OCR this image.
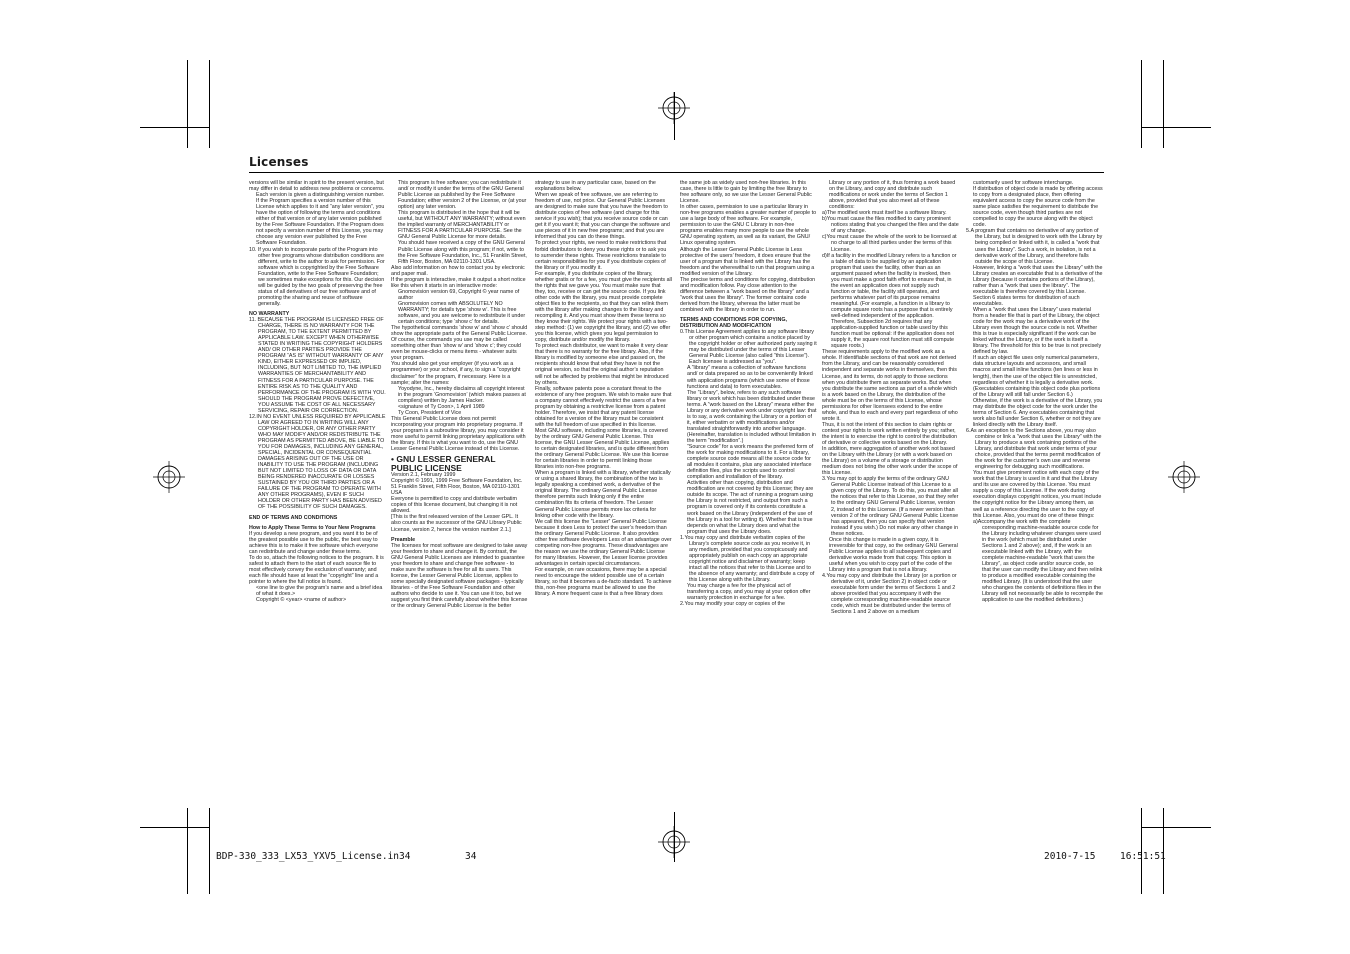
Licenses

versions will be similar in spirit to the present version, but may differ in detail to address new problems or concerns.

Each version is given a distinguishing version number. If the Program specifies a version number of this License which applies to it and “any later version”, you have the option of following the terms and conditions either of that version or of any later version published by the Free Software Foundation. If the Program does not specify a version number of this License, you may choose any version ever published by the Free Software Foundation.

10. If you wish to incorporate parts of the Program into other free programs whose distribution conditions are different, write to the author to ask for permission. For software which is copyrighted by the Free Software Foundation, write to the Free Software Foundation; we sometimes make exceptions for this. Our decision will be guided by the two goals of preserving the free status of all derivatives of our free software and of promoting the sharing and reuse of software generally.

NO WARRANTY

11. BECAUSE THE PROGRAM IS LICENSED FREE OF CHARGE, THERE IS NO WARRANTY FOR THE PROGRAM, TO THE EXTENT PERMITTED BY APPLICABLE LAW. EXCEPT WHEN OTHERWISE STATED IN WRITING THE COPYRIGHT HOLDERS AND/ OR OTHER PARTIES PROVIDE THE PROGRAM “AS IS” WITHOUT WARRANTY OF ANY KIND, EITHER EXPRESSED OR IMPLIED, INCLUDING, BUT NOT LIMITED TO, THE IMPLIED WARRANTIES OF MERCHANTABILITY AND FITNESS FOR A PARTICULAR PURPOSE. THE ENTIRE RISK AS TO THE QUALITY AND PERFORMANCE OF THE PROGRAM IS WITH YOU. SHOULD THE PROGRAM PROVE DEFECTIVE, YOU ASSUME THE COST OF ALL NECESSARY SERVICING, REPAIR OR CORRECTION.

12.IN NO EVENT UNLESS REQUIRED BY APPLICABLE LAW OR AGREED TO IN WRITING WILL ANY COPYRIGHT HOLDER, OR ANY OTHER PARTY WHO MAY MODIFY AND/OR REDISTRIBUTE THE PROGRAM AS PERMITTED ABOVE, BE LIABLE TO YOU FOR DAMAGES, INCLUDING ANY GENERAL, SPECIAL, INCIDENTAL OR CONSEQUENTIAL DAMAGES ARISING OUT OF THE USE OR INABILITY TO USE THE PROGRAM (INCLUDING BUT NOT LIMITED TO LOSS OF DATA OR DATA BEING RENDERED INACCURATE OR LOSSES SUSTAINED BY YOU OR THIRD PARTIES OR A FAILURE OF THE PROGRAM TO OPERATE WITH ANY OTHER PROGRAMS), EVEN IF SUCH HOLDER OR OTHER PARTY HAS BEEN ADVISED OF THE POSSIBILITY OF SUCH DAMAGES.

END OF TERMS AND CONDITIONS

How to Apply These Terms to Your New Programs

If you develop a new program, and you want it to be of the greatest possible use to the public, the best way to achieve this is to make it free software which everyone can redistribute and change under these terms.

To do so, attach the following notices to the program. It is safest to attach them to the start of each source file to most effectively convey the exclusion of warranty; and each file should have at least the “copyright” line and a pointer to where the full notice is found.

<one line to give the program’s name and a brief idea of what it does.>

Copyright © <year> <name of author>

This program is free software; you can redistribute it and/ or modify it under the terms of the GNU General Public License as published by the Free Software Foundation; either version 2 of the License, or (at your option) any later version.

This program is distributed in the hope that it will be useful, but WITHOUT ANY WARRANTY; without even the implied warranty of MERCHANTABILITY or FITNESS FOR A PARTICULAR PURPOSE. See the GNU General Public License for more details.

You should have received a copy of the GNU General Public License along with this program; if not, write to the Free Software Foundation, Inc., 51 Franklin Street, Fifth Floor, Boston, MA 02110-1301 USA.

Also add information on how to contact you by electronic and paper mail.

If the program is interactive, make it output a short notice like this when it starts in an interactive mode:

Gnomovision version 69, Copyright © year name of author

Gnomovision comes with ABSOLUTELY NO WARRANTY; for details type ‘show w’. This is free software, and you are welcome to redistribute it under certain conditions; type ‘show c’ for details.

The hypothetical commands ‘show w’ and ‘show c’ should show the appropriate parts of the General Public License. Of course, the commands you use may be called something other than ‘show w’ and ‘show c’; they could even be mouse-clicks or menu items - whatever suits your program.

You should also get your employer (if you work as a programmer) or your school, if any, to sign a “copyright disclaimer” for the program, if necessary. Here is a sample; alter the names:

Yoyodyne, Inc., hereby disclaims all copyright interest in the program ‘Gnomovision’ (which makes passes at compilers) written by James Hacker.

<signature of Ty Coon>, 1 April 1989

Ty Coon, President of Vice

This General Public License does not permit incorporating your program into proprietary programs. If your program is a subroutine library, you may consider it more useful to permit linking proprietary applications with the library. If this is what you want to do, use the GNU Lesser General Public License instead of this License.

• GNU LESSER GENERAL PUBLIC LICENSE

Version 2.1, February 1999

Copyright © 1991, 1999 Free Software Foundation, Inc.

51 Franklin Street, Fifth Floor, Boston, MA 02110-1301 USA

Everyone is permitted to copy and distribute verbatim copies of this license document, but changing it is not allowed.

[This is the first released version of the Lesser GPL. It also counts as the successor of the GNU Library Public License, version 2, hence the version number 2.1.]

Preamble

The licenses for most software are designed to take away your freedom to share and change it. By contrast, the GNU General Public Licenses are intended to guarantee your freedom to share and change free software - to make sure the software is free for all its users. This license, the Lesser General Public License, applies to some specially designated software packages - typically libraries - of the Free Software Foundation and other authors who decide to use it. You can use it too, but we suggest you first think carefully about whether this license or the ordinary General Public License is the better

strategy to use in any particular case, based on the explanations below.

When we speak of free software, we are referring to freedom of use, not price. Our General Public Licenses are designed to make sure that you have the freedom to distribute copies of free software (and charge for this service if you wish); that you receive source code or can get it if you want it; that you can change the software and use pieces of it in new free programs; and that you are informed that you can do these things.

To protect your rights, we need to make restrictions that forbid distributors to deny you these rights or to ask you to surrender these rights. These restrictions translate to certain responsibilities for you if you distribute copies of the library or if you modify it.

For example, if you distribute copies of the library, whether gratis or for a fee, you must give the recipients all the rights that we gave you. You must make sure that they, too, receive or can get the source code. If you link other code with the library, you must provide complete object files to the recipients, so that they can relink them with the library after making changes to the library and recompiling it. And you must show them these terms so they know their rights. We protect your rights with a two-step method: (1) we copyright the library, and (2) we offer you this license, which gives you legal permission to copy, distribute and/or modify the library.

To protect each distributor, we want to make it very clear that there is no warranty for the free library. Also, if the library is modified by someone else and passed on, the recipients should know that what they have is not the original version, so that the original author’s reputation will not be affected by problems that might be introduced by others.

Finally, software patents pose a constant threat to the existence of any free program. We wish to make sure that a company cannot effectively restrict the users of a free program by obtaining a restrictive license from a patent holder. Therefore, we insist that any patent license obtained for a version of the library must be consistent with the full freedom of use specified in this license.

Most GNU software, including some libraries, is covered by the ordinary GNU General Public License. This license, the GNU Lesser General Public License, applies to certain designated libraries, and is quite different from the ordinary General Public License. We use this license for certain libraries in order to permit linking those libraries into non-free programs.

When a program is linked with a library, whether statically or using a shared library, the combination of the two is legally speaking a combined work, a derivative of the original library. The ordinary General Public License therefore permits such linking only if the entire combination fits its criteria of freedom. The Lesser General Public License permits more lax criteria for linking other code with the library.

We call this license the “Lesser” General Public License because it does Less to protect the user’s freedom than the ordinary General Public License. It also provides other free software developers Less of an advantage over competing non-free programs. These disadvantages are the reason we use the ordinary General Public License for many libraries. However, the Lesser license provides advantages in certain special circumstances.

For example, on rare occasions, there may be a special need to encourage the widest possible use of a certain library, so that it becomes a de-facto standard. To achieve this, non-free programs must be allowed to use the library. A more frequent case is that a free library does

the same job as widely used non-free libraries. In this case, there is little to gain by limiting the free library to free software only, so we use the Lesser General Public License.

In other cases, permission to use a particular library in non-free programs enables a greater number of people to use a large body of free software. For example, permission to use the GNU C Library in non-free programs enables many more people to use the whole GNU operating system, as well as its variant, the GNU/ Linux operating system.

Although the Lesser General Public License is Less protective of the users’ freedom, it does ensure that the user of a program that is linked with the Library has the freedom and the wherewithal to run that program using a modified version of the Library.

The precise terms and conditions for copying, distribution and modification follow. Pay close attention to the difference between a “work based on the library” and a “work that uses the library”. The former contains code derived from the library, whereas the latter must be combined with the library in order to run.

TERMS AND CONDITIONS FOR COPYING, DISTRIBUTION AND MODIFICATION

0.This License Agreement applies to any software library or other program which contains a notice placed by the copyright holder or other authorized party saying it may be distributed under the terms of this Lesser General Public License (also called “this License”). Each licensee is addressed as “you”.

A “library” means a collection of software functions and/ or data prepared so as to be conveniently linked with application programs (which use some of those functions and data) to form executables.

The “Library”, below, refers to any such software library or work which has been distributed under these terms. A “work based on the Library” means either the Library or any derivative work under copyright law: that is to say, a work containing the Library or a portion of it, either verbatim or with modifications and/or translated straightforwardly into another language. (Hereinafter, translation is included without limitation in the term “modification”.)

“Source code” for a work means the preferred form of the work for making modifications to it. For a library, complete source code means all the source code for all modules it contains, plus any associated interface definition files, plus the scripts used to control compilation and installation of the library.

Activities other than copying, distribution and modification are not covered by this License; they are outside its scope. The act of running a program using the Library is not restricted, and output from such a program is covered only if its contents constitute a work based on the Library (independent of the use of the Library in a tool for writing it). Whether that is true depends on what the Library does and what the program that uses the Library does.

1.You may copy and distribute verbatim copies of the Library’s complete source code as you receive it, in any medium, provided that you conspicuously and appropriately publish on each copy an appropriate copyright notice and disclaimer of warranty; keep intact all the notices that refer to this License and to the absence of any warranty; and distribute a copy of this License along with the Library.

You may charge a fee for the physical act of transferring a copy, and you may at your option offer warranty protection in exchange for a fee.

2.You may modify your copy or copies of the

Library or any portion of it, thus forming a work based on the Library, and copy and distribute such modifications or work under the terms of Section 1 above, provided that you also meet all of these conditions:

a)The modified work must itself be a software library.

b)You must cause the files modified to carry prominent notices stating that you changed the files and the date of any change.

c)You must cause the whole of the work to be licensed at no charge to all third parties under the terms of this License.

d)If a facility in the modified Library refers to a function or a table of data to be supplied by an application program that uses the facility, other than as an argument passed when the facility is invoked, then you must make a good faith effort to ensure that, in the event an application does not supply such function or table, the facility still operates, and performs whatever part of its purpose remains meaningful. (For example, a function in a library to compute square roots has a purpose that is entirely well-defined independent of the application. Therefore, Subsection 2d requires that any application-supplied function or table used by this function must be optional: if the application does not supply it, the square root function must still compute square roots.)

These requirements apply to the modified work as a whole. If identifiable sections of that work are not derived from the Library, and can be reasonably considered independent and separate works in themselves, then this License, and its terms, do not apply to those sections when you distribute them as separate works. But when you distribute the same sections as part of a whole which is a work based on the Library, the distribution of the whole must be on the terms of this License, whose permissions for other licensees extend to the entire whole, and thus to each and every part regardless of who wrote it.

Thus, it is not the intent of this section to claim rights or contest your rights to work written entirely by you; rather, the intent is to exercise the right to control the distribution of derivative or collective works based on the Library.

In addition, mere aggregation of another work not based on the Library with the Library (or with a work based on the Library) on a volume of a storage or distribution medium does not bring the other work under the scope of this License.

3.You may opt to apply the terms of the ordinary GNU General Public License instead of this License to a given copy of the Library. To do this, you must alter all the notices that refer to this License, so that they refer to the ordinary GNU General Public License, version 2, instead of to this License. (If a newer version than version 2 of the ordinary GNU General Public License has appeared, then you can specify that version instead if you wish.) Do not make any other change in these notices.

Once this change is made in a given copy, it is irreversible for that copy, so the ordinary GNU General Public License applies to all subsequent copies and derivative works made from that copy. This option is useful when you wish to copy part of the code of the Library into a program that is not a library.

4.You may copy and distribute the Library (or a portion or derivative of it, under Section 2) in object code or executable form under the terms of Sections 1 and 2 above provided that you accompany it with the complete corresponding machine-readable source code, which must be distributed under the terms of Sections 1 and 2 above on a medium

customarily used for software interchange.

If distribution of object code is made by offering access to copy from a designated place, then offering equivalent access to copy the source code from the same place satisfies the requirement to distribute the source code, even though third parties are not compelled to copy the source along with the object code.

5.A program that contains no derivative of any portion of the Library, but is designed to work with the Library by being compiled or linked with it, is called a “work that uses the Library”. Such a work, in isolation, is not a derivative work of the Library, and therefore falls outside the scope of this License.

However, linking a “work that uses the Library” with the Library creates an executable that is a derivative of the Library (because it contains portions of the Library), rather than a “work that uses the library”. The executable is therefore covered by this License. Section 6 states terms for distribution of such executables.

When a “work that uses the Library” uses material from a header file that is part of the Library, the object code for the work may be a derivative work of the Library even though the source code is not. Whether this is true is especially significant if the work can be linked without the Library, or if the work is itself a library. The threshold for this to be true is not precisely defined by law.

If such an object file uses only numerical parameters, data structure layouts and accessors, and small macros and small inline functions (ten lines or less in length), then the use of the object file is unrestricted, regardless of whether it is legally a derivative work. (Executables containing this object code plus portions of the Library will still fall under Section 6.)

Otherwise, if the work is a derivative of the Library, you may distribute the object code for the work under the terms of Section 6. Any executables containing that work also fall under Section 6, whether or not they are linked directly with the Library itself.

6.As an exception to the Sections above, you may also combine or link a “work that uses the Library” with the Library to produce a work containing portions of the Library, and distribute that work under terms of your choice, provided that the terms permit modification of the work for the customer’s own use and reverse engineering for debugging such modifications.

You must give prominent notice with each copy of the work that the Library is used in it and that the Library and its use are covered by this License. You must supply a copy of this License. If the work during execution displays copyright notices, you must include the copyright notice for the Library among them, as well as a reference directing the user to the copy of this License. Also, you must do one of these things:

a)Accompany the work with the complete corresponding machine-readable source code for the Library including whatever changes were used in the work (which must be distributed under Sections 1 and 2 above); and, if the work is an executable linked with the Library, with the complete machine-readable “work that uses the Library”, as object code and/or source code, so that the user can modify the Library and then relink to produce a modified executable containing the modified Library. (It is understood that the user who changes the contents of definitions files in the Library will not necessarily be able to recompile the application to use the modified definitions.)

BDP-330_333_LX53_YXV5_License.in34	34	2010-7-15	16:51:51
